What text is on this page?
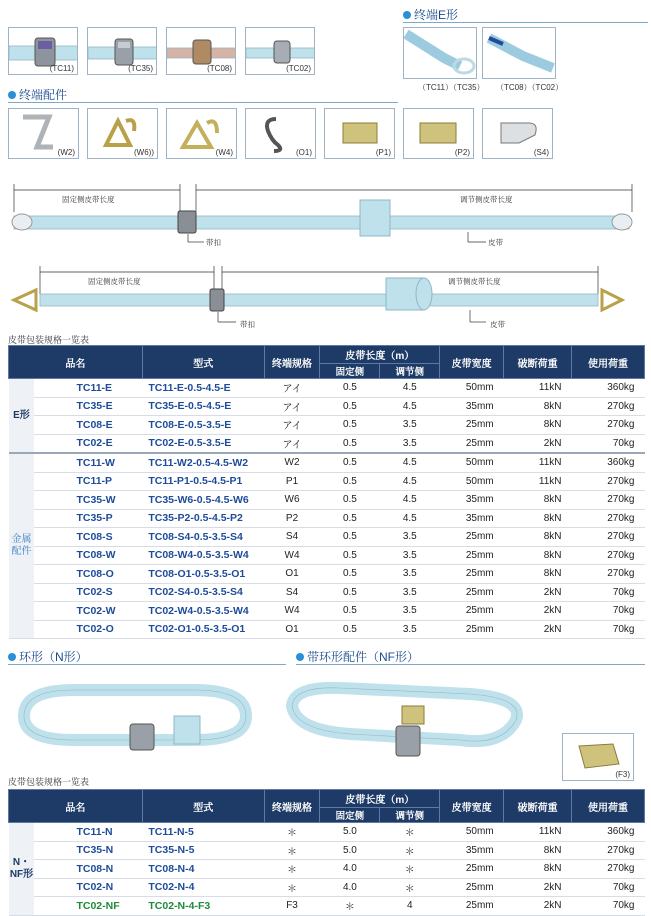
终端E形
(TC11)	(TC35)	(TC08)	(TC02)
（TC11）（TC35） （TC08）（TC02）
终端配件
(W2)	(W6))	(W4)	(O1)	(P1)	(P2)	(S4)
固定侧皮带长度	调节侧皮带长度
带扣	皮带
固定侧皮带长度	调节侧皮带长度
带扣	皮带
皮带包装规格一览表
品名		型式	终端规格	皮带长度（m）		皮带宽度	破断荷重	使用荷重
				固定侧	调节侧			
E形	TC11-E	TC11-E-0.5-4.5-E	アイ	0.5	4.5	50mm	11kN	360kg
	TC35-E	TC35-E-0.5-4.5-E	アイ	0.5	4.5	35mm	8kN	270kg
	TC08-E	TC08-E-0.5-3.5-E	アイ	0.5	3.5	25mm	8kN	270kg
	TC02-E	TC02-E-0.5-3.5-E	アイ	0.5	3.5	25mm	2kN	70kg
金属配件	TC11-W	TC11-W2-0.5-4.5-W2	W2	0.5	4.5	50mm	11kN	360kg
	TC11-P	TC11-P1-0.5-4.5-P1	P1	0.5	4.5	50mm	11kN	270kg
	TC35-W	TC35-W6-0.5-4.5-W6	W6	0.5	4.5	35mm	8kN	270kg
	TC35-P	TC35-P2-0.5-4.5-P2	P2	0.5	4.5	35mm	8kN	270kg
	TC08-S	TC08-S4-0.5-3.5-S4	S4	0.5	3.5	25mm	8kN	270kg
	TC08-W	TC08-W4-0.5-3.5-W4	W4	0.5	3.5	25mm	8kN	270kg
	TC08-O	TC08-O1-0.5-3.5-O1	O1	0.5	3.5	25mm	8kN	270kg
	TC02-S	TC02-S4-0.5-3.5-S4	S4	0.5	3.5	25mm	2kN	70kg
	TC02-W	TC02-W4-0.5-3.5-W4	W4	0.5	3.5	25mm	2kN	70kg
	TC02-O	TC02-O1-0.5-3.5-O1	O1	0.5	3.5	25mm	2kN	70kg
环形（N形）	带环形配件（NF形）
(F3)
皮带包装规格一览表
品名		型式	终端规格	皮带长度（m）		皮带宽度	破断荷重	使用荷重
				固定侧	调节侧			
N・NF形	TC11-N	TC11-N-5	＊	5.0	＊	50mm	11kN	360kg
	TC35-N	TC35-N-5	＊	5.0	＊	35mm	8kN	270kg
	TC08-N	TC08-N-4	＊	4.0	＊	25mm	8kN	270kg
	TC02-N	TC02-N-4	＊	4.0	＊	25mm	2kN	70kg
	TC02-NF	TC02-N-4-F3	F3	＊	4	25mm	2kN	70kg
